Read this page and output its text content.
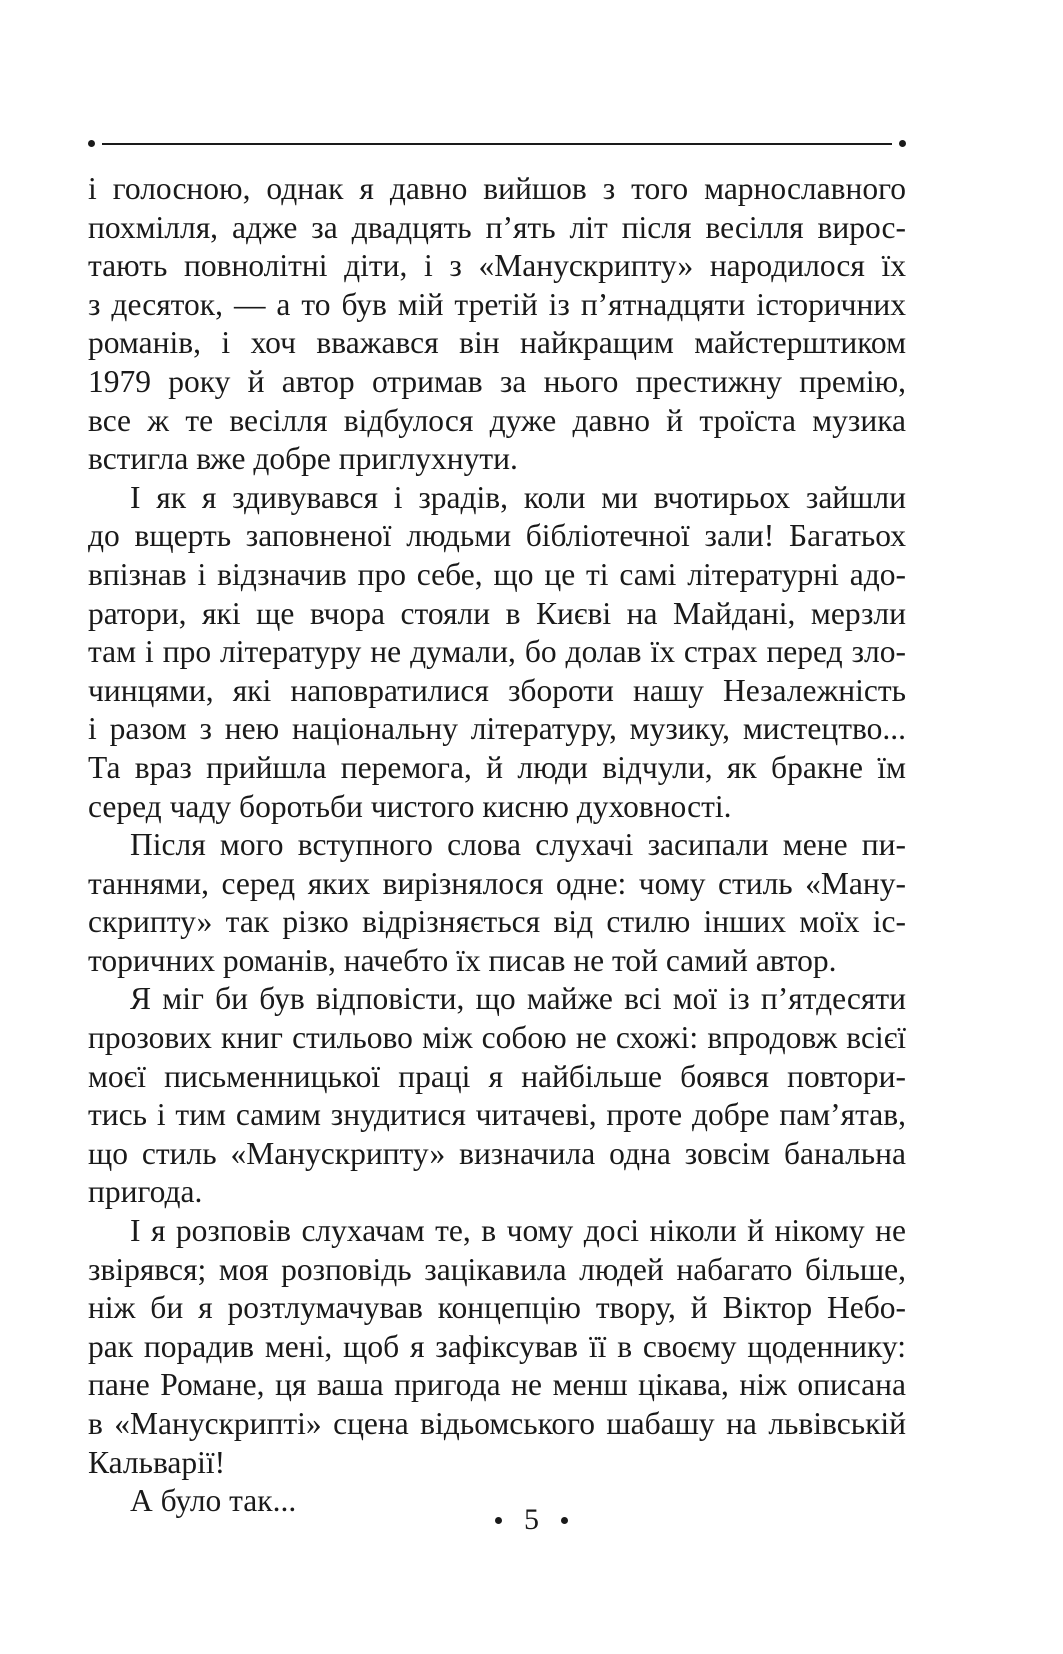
і голосною, однак я давно вийшов з того марнославного
похмілля, адже за двадцять п’ять літ після весілля вирос-
тають повнолітні діти, і з «Манускрипту» народилося їх
з десяток, — а то був мій третій із п’ятнадцяти історичних
романів, і хоч вважався він найкращим майстерштиком
1979 року й автор отримав за нього престижну премію,
все ж те весілля відбулося дуже давно й троїста музика
встигла вже добре приглухнути.

І як я здивувався і зрадів, коли ми вчотирьох зайшли
до вщерть заповненої людьми бібліотечної зали! Багатьох
впізнав і відзначив про себе, що це ті самі літературні адо-
ратори, які ще вчора стояли в Києві на Майдані, мерзли
там і про літературу не думали, бо долав їх страх перед зло-
чинцями, які наповратилися збороти нашу Незалежність
і разом з нею національну літературу, музику, мистецтво...
Та враз прийшла перемога, й люди відчули, як бракне їм
серед чаду боротьби чистого кисню духовності.

Після мого вступного слова слухачі засипали мене пи-
таннями, серед яких вирізнялося одне: чому стиль «Ману-
скрипту» так різко відрізняється від стилю інших моїх іс-
торичних романів, начебто їх писав не той самий автор.

Я міг би був відповісти, що майже всі мої із п’ятдесяти
прозових книг стильово між собою не схожі: впродовж всієї
моєї письменницької праці я найбільше боявся повтори-
тись і тим самим знудитися читачеві, проте добре пам’ятав,
що стиль «Манускрипту» визначила одна зовсім банальна
пригода.

І я розповів слухачам те, в чому досі ніколи й нікому не
звірявся; моя розповідь зацікавила людей набагато більше,
ніж би я розтлумачував концепцію твору, й Віктор Небо-
рак порадив мені, щоб я зафіксував її в своєму щоденнику:
пане Романе, ця ваша пригода не менш цікава, ніж описана
в «Манускрипті» сцена відьомського шабашу на львівській
Кальварії!

А було так...

5
